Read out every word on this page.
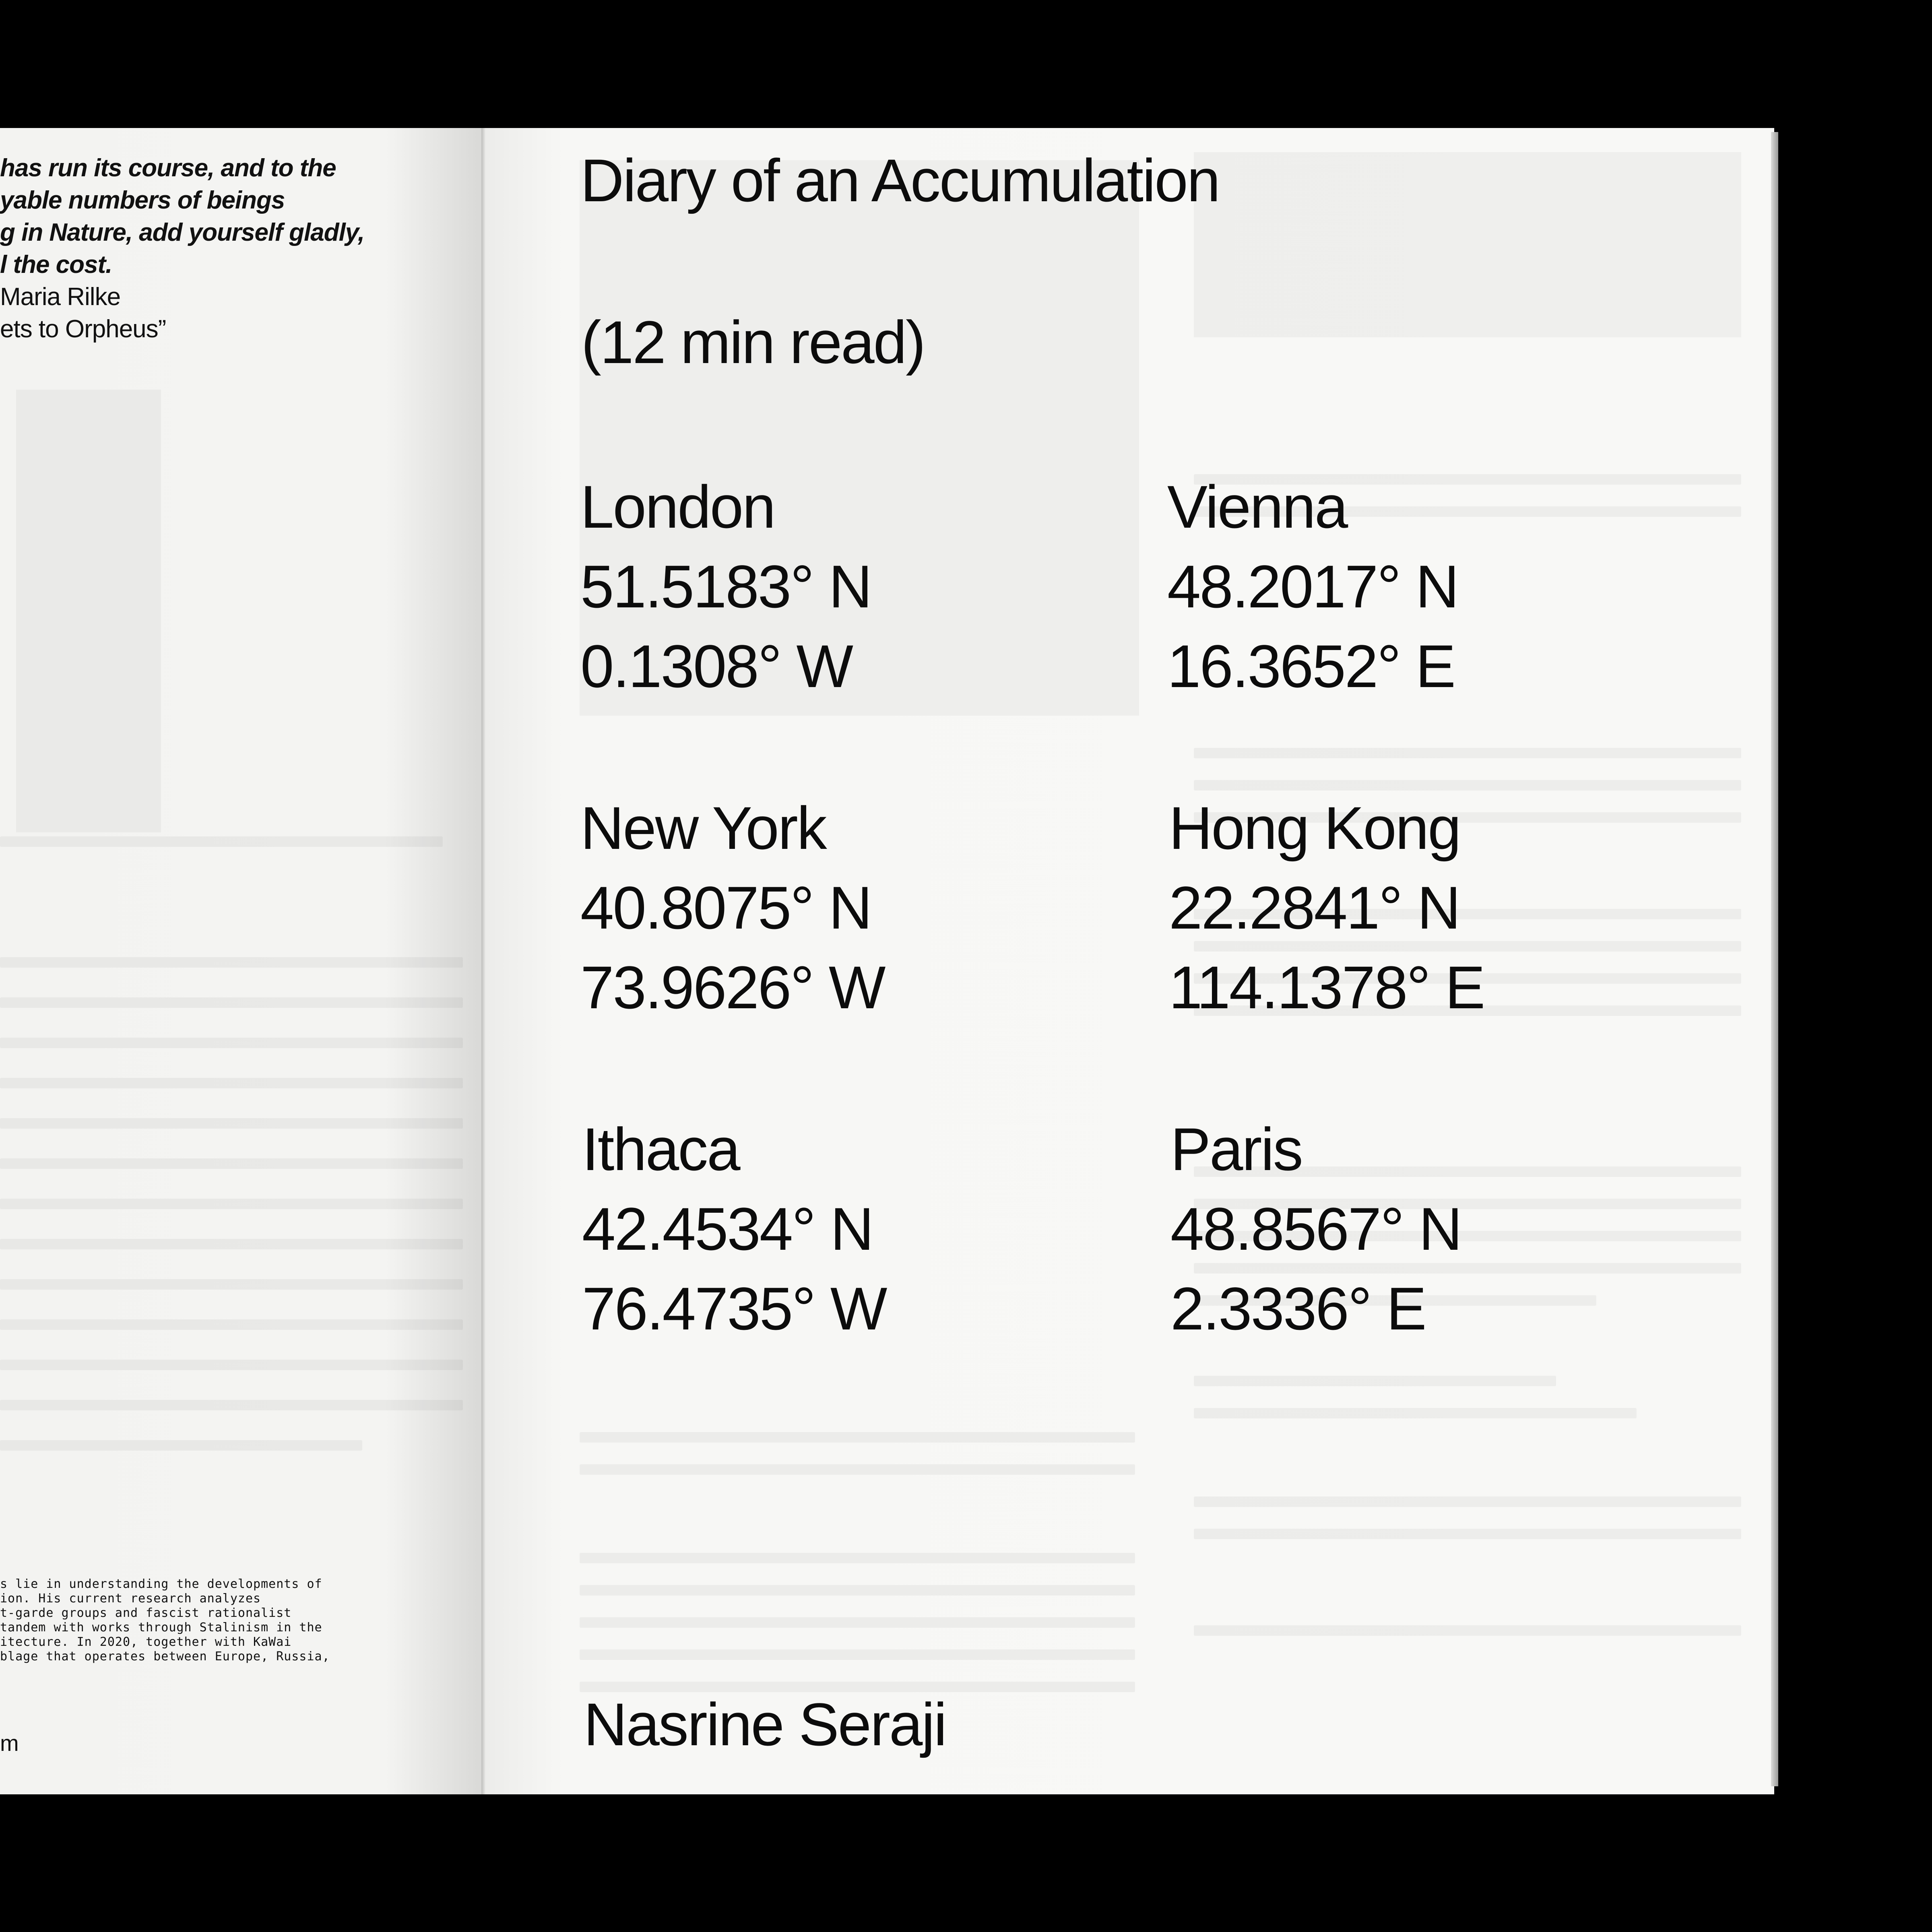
has run its course, and to the
yable numbers of beings
g in Nature, add yourself gladly,
l the cost.
Maria Rilke
ets to Orpheus”
s lie in understanding the developments of
ion. His current research analyzes
t-garde groups and fascist rationalist
tandem with works through Stalinism in the
itecture. In 2020, together with KaWai
blage that operates between Europe, Russia,
m
Diary of an Accumulation
(12 min read)
London
51.5183° N
0.1308° W
Vienna
48.2017° N
16.3652° E
New York
40.8075° N
73.9626° W
Hong Kong
22.2841° N
114.1378° E
Ithaca
42.4534° N
76.4735° W
Paris
48.8567° N
2.3336° E
Nasrine Seraji
